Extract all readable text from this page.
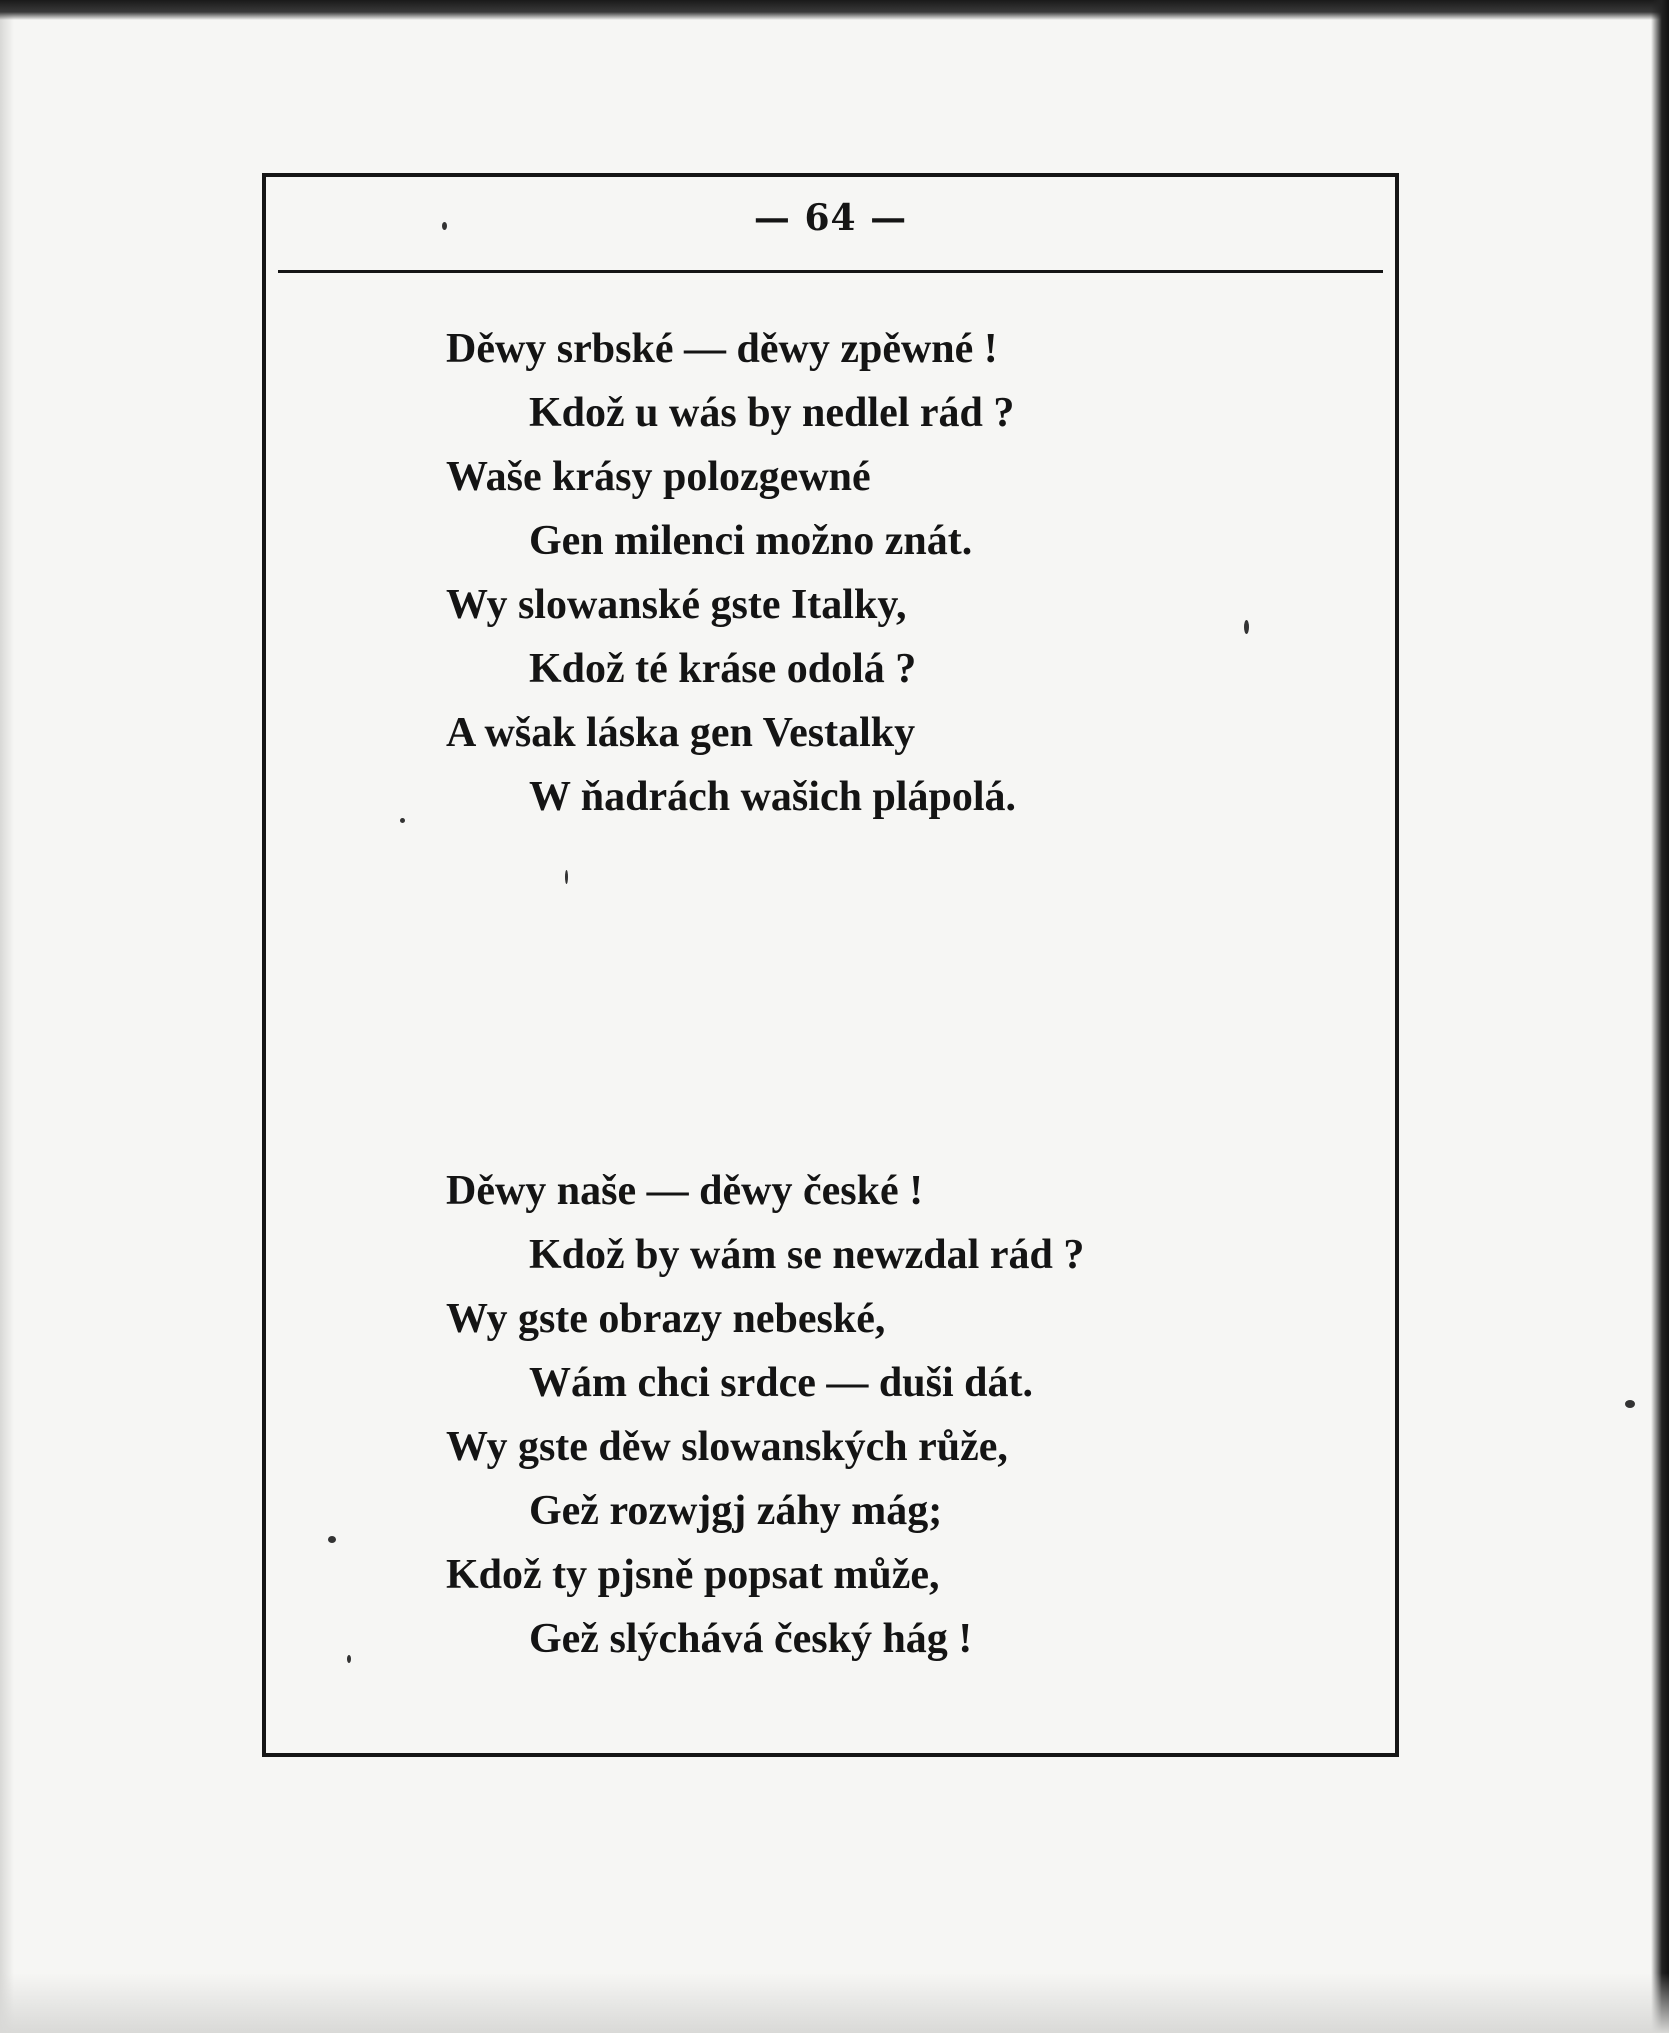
— 64 —
Děwy srbské — děwy zpěwné !
Kdož u wás by nedlel rád ?
Waše krásy polozgewné
Gen milenci možno znát.
Wy slowanské gste Italky,
Kdož té kráse odolá ?
A wšak láska gen Vestalky
W ňadrách wašich plápolá.
Děwy naše — děwy české !
Kdož by wám se newzdal rád ?
Wy gste obrazy nebeské,
Wám chci srdce — duši dát.
Wy gste děw slowanských růže,
Gež rozwjgj záhy mág;
Kdož ty pjsně popsat může,
Gež slýchává český hág !
